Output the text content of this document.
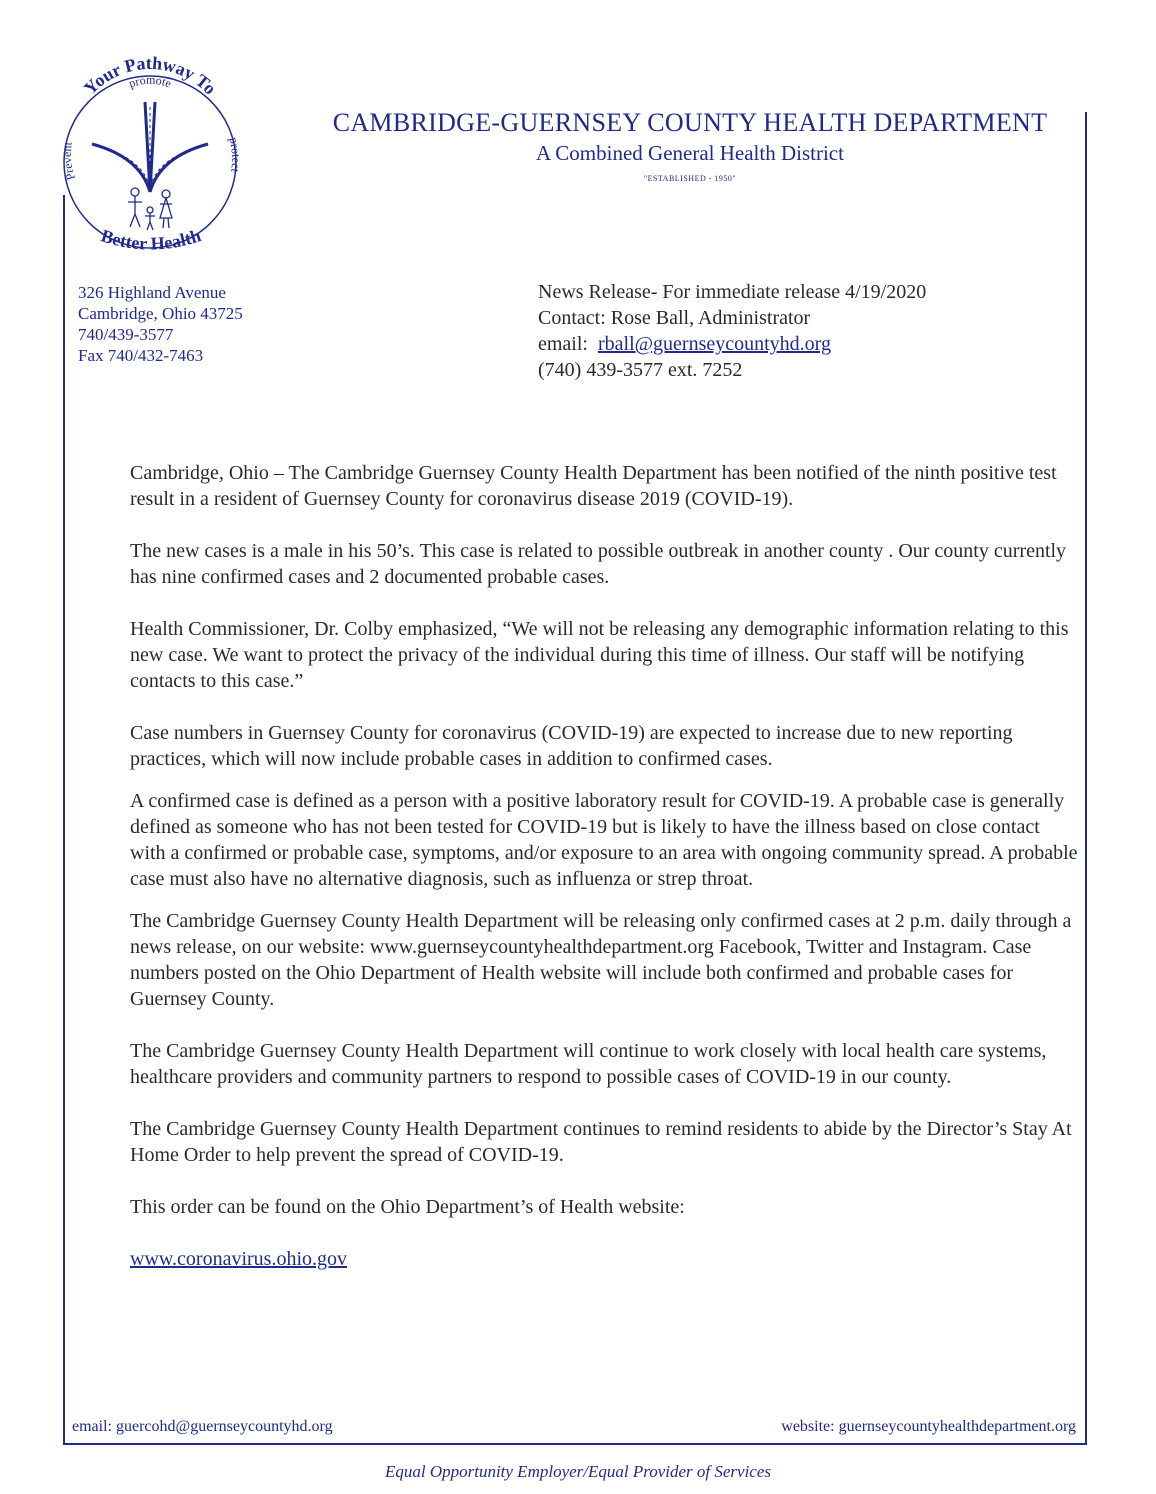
Your Pathway To
promote
Prevent	protect
Better Health
CAMBRIDGE-GUERNSEY COUNTY HEALTH DEPARTMENT
A Combined General Health District
"ESTABLISHED - 1950"
326 Highland Avenue
Cambridge, Ohio 43725
740/439-3577
Fax 740/432-7463
News Release- For immediate release 4/19/2020
Contact: Rose Ball, Administrator
email: rball@guernseycountyhd.org
(740) 439-3577 ext. 7252

Cambridge, Ohio – The Cambridge Guernsey County Health Department has been notified of the ninth positive test result in a resident of Guernsey County for coronavirus disease 2019 (COVID-19).

The new cases is a male in his 50’s. This case is related to possible outbreak in another county . Our county currently has nine confirmed cases and 2 documented probable cases.

Health Commissioner, Dr. Colby emphasized, “We will not be releasing any demographic information relating to this new case. We want to protect the privacy of the individual during this time of illness. Our staff will be notifying contacts to this case.”

Case numbers in Guernsey County for coronavirus (COVID-19) are expected to increase due to new reporting practices, which will now include probable cases in addition to confirmed cases.

A confirmed case is defined as a person with a positive laboratory result for COVID-19. A probable case is generally defined as someone who has not been tested for COVID-19 but is likely to have the illness based on close contact with a confirmed or probable case, symptoms, and/or exposure to an area with ongoing community spread. A probable case must also have no alternative diagnosis, such as influenza or strep throat.

The Cambridge Guernsey County Health Department will be releasing only confirmed cases at 2 p.m. daily through a news release, on our website: www.guernseycountyhealthdepartment.org Facebook, Twitter and Instagram. Case numbers posted on the Ohio Department of Health website will include both confirmed and probable cases for Guernsey County.

The Cambridge Guernsey County Health Department will continue to work closely with local health care systems, healthcare providers and community partners to respond to possible cases of COVID-19 in our county.

The Cambridge Guernsey County Health Department continues to remind residents to abide by the Director’s Stay At Home Order to help prevent the spread of COVID-19.

This order can be found on the Ohio Department’s of Health website:

www.coronavirus.ohio.gov

email: guercohd@guernseycountyhd.org	website: guernseycountyhealthdepartment.org
Equal Opportunity Employer/Equal Provider of Services
